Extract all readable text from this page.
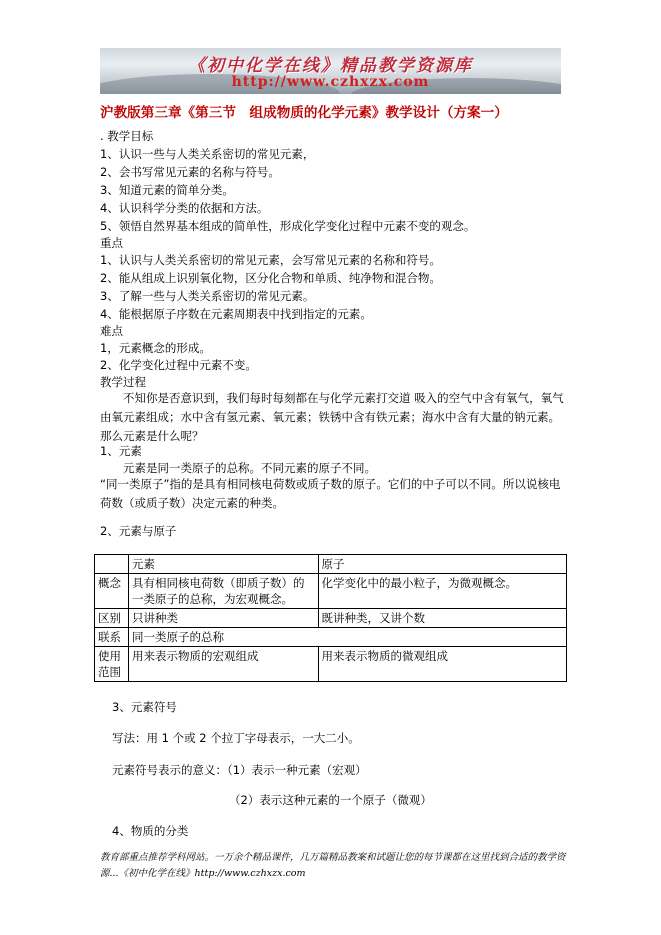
《初中化学在线》精品教学资源库
http://www.czhxzx.com
沪教版第三章《第三节　组成物质的化学元素》教学设计（方案一）
. 教学目标
1、认识一些与人类关系密切的常见元素，
2、会书写常见元素的名称与符号。
3、知道元素的简单分类。
4、认识科学分类的依据和方法。
5、领悟自然界基本组成的简单性，形成化学变化过程中元素不变的观念。
重点
1、认识与人类关系密切的常见元素，会写常见元素的名称和符号。
2、能从组成上识别氧化物，区分化合物和单质、纯净物和混合物。
3、了解一些与人类关系密切的常见元素。
4、能根据原子序数在元素周期表中找到指定的元素。
难点
1，元素概念的形成。
2、化学变化过程中元素不变。
教学过程
不知你是否意识到，我们每时每刻都在与化学元素打交道 吸入的空气中含有氧气，氧气由氧元素组成；水中含有氢元素、氧元素；铁锈中含有铁元素；海水中含有大量的钠元素。那么元素是什么呢？
1、元素
元素是同一类原子的总称。不同元素的原子不同。
“同一类原子”指的是具有相同核电荷数或质子数的原子。它们的中子可以不同。所以说核电荷数（或质子数）决定元素的种类。
2、元素与原子
	元素	原子
概念	具有相同核电荷数（即质子数）的一类原子的总称，为宏观概念。	化学变化中的最小粒子，为微观概念。
区别	只讲种类	既讲种类，又讲个数
联系	同一类原子的总称	
使用范围	用来表示物质的宏观组成	用来表示物质的微观组成
3、元素符号
写法：用 1 个或 2 个拉丁字母表示，一大二小。
元素符号表示的意义：（1）表示一种元素（宏观）
（2）表示这种元素的一个原子（微观）
4、物质的分类
教育部重点推荐学科网站。一万余个精品课件，几万篇精品教案和试题让您的每节课都在这里找到合适的教学资源...《初中化学在线》http://www.czhxzx.com
